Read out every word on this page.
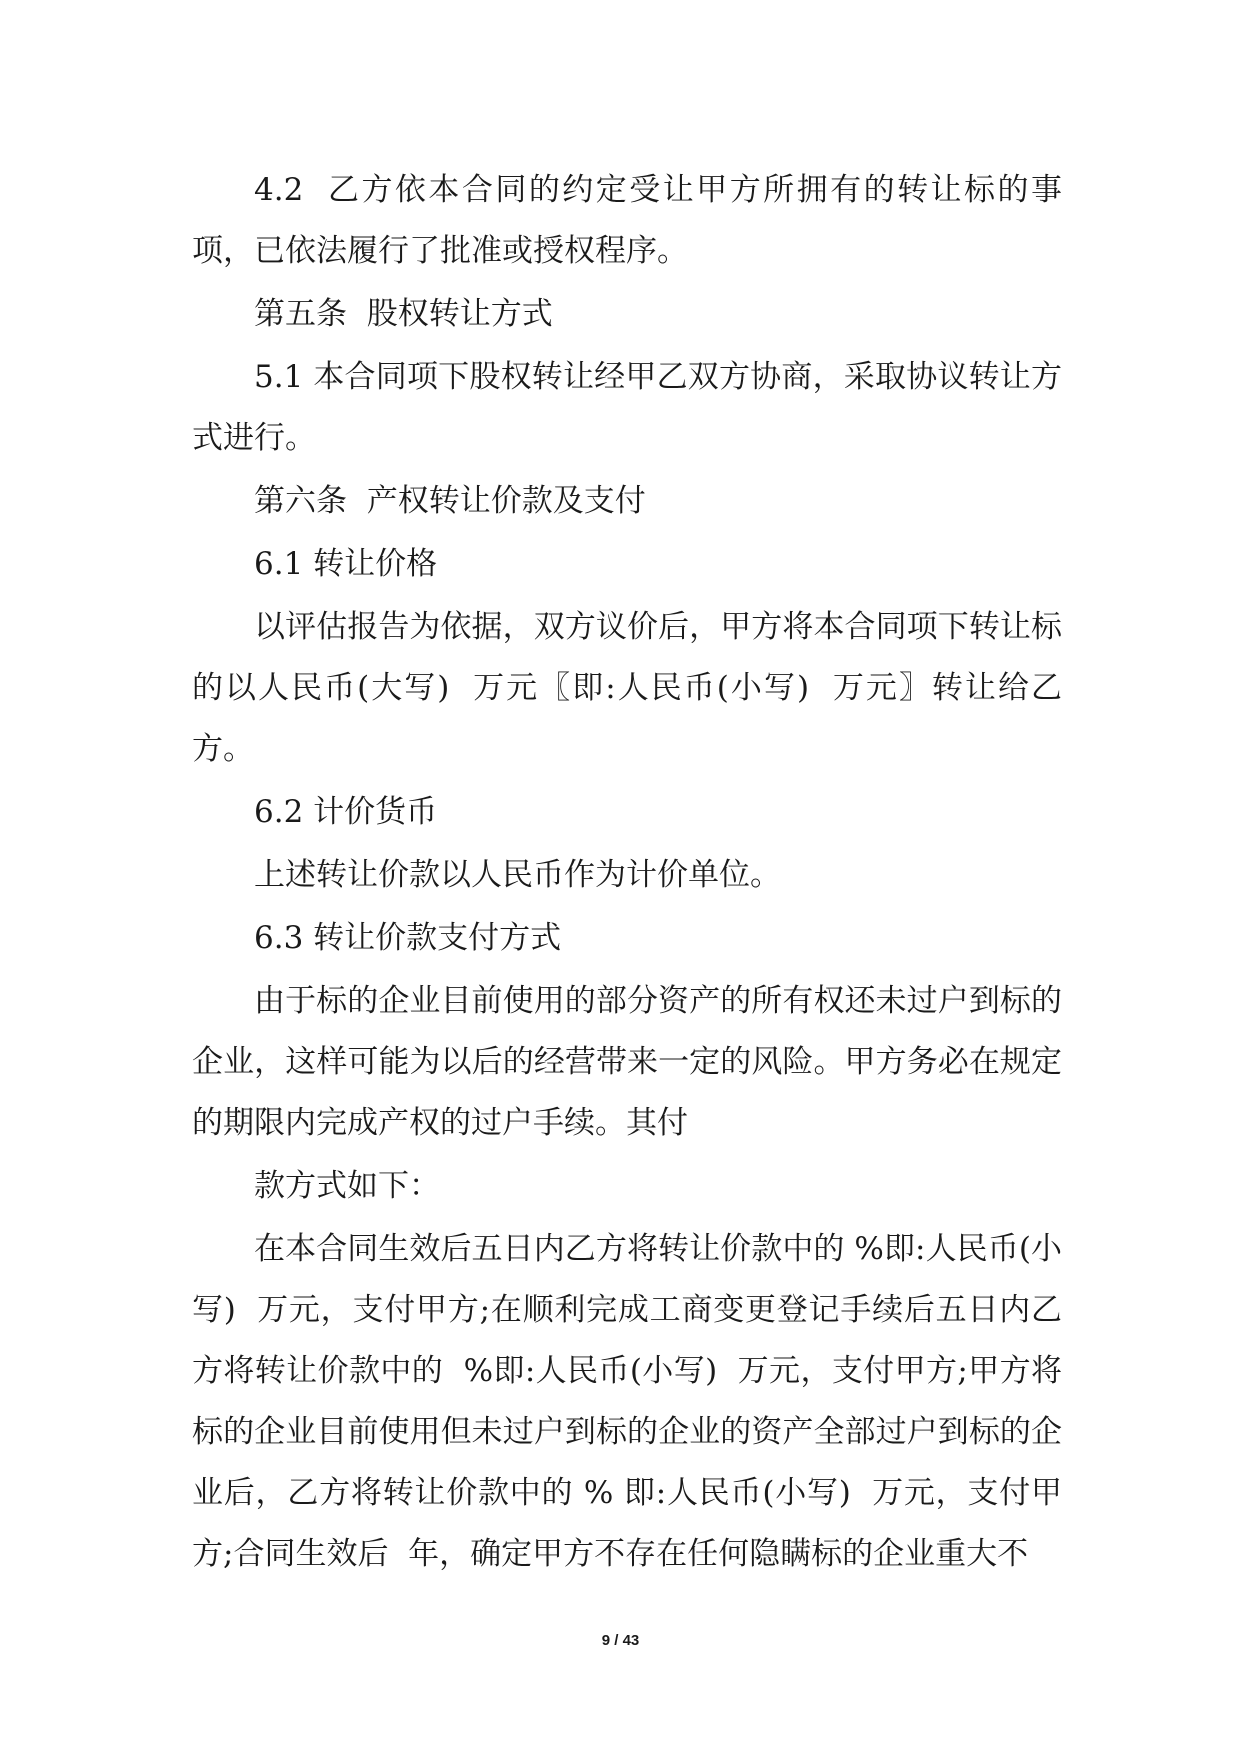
4.2  乙方依本合同的约定受让甲方所拥有的转让标的事项，已依法履行了批准或授权程序。

第五条  股权转让方式

5.1 本合同项下股权转让经甲乙双方协商，采取协议转让方式进行。

第六条  产权转让价款及支付

6.1 转让价格

以评估报告为依据，双方议价后，甲方将本合同项下转让标的以人民币(大写)  万元〖即:人民币(小写)  万元〗转让给乙方。

6.2 计价货币

上述转让价款以人民币作为计价单位。

6.3 转让价款支付方式

由于标的企业目前使用的部分资产的所有权还未过户到标的企业，这样可能为以后的经营带来一定的风险。甲方务必在规定的期限内完成产权的过户手续。其付

款方式如下：

在本合同生效后五日内乙方将转让价款中的 %即:人民币(小写)  万元，支付甲方;在顺利完成工商变更登记手续后五日内乙方将转让价款中的  %即:人民币(小写)  万元，支付甲方;甲方将标的企业目前使用但未过户到标的企业的资产全部过户到标的企业后，乙方将转让价款中的 % 即:人民币(小写)  万元，支付甲方;合同生效后  年，确定甲方不存在任何隐瞒标的企业重大不

9 / 43
